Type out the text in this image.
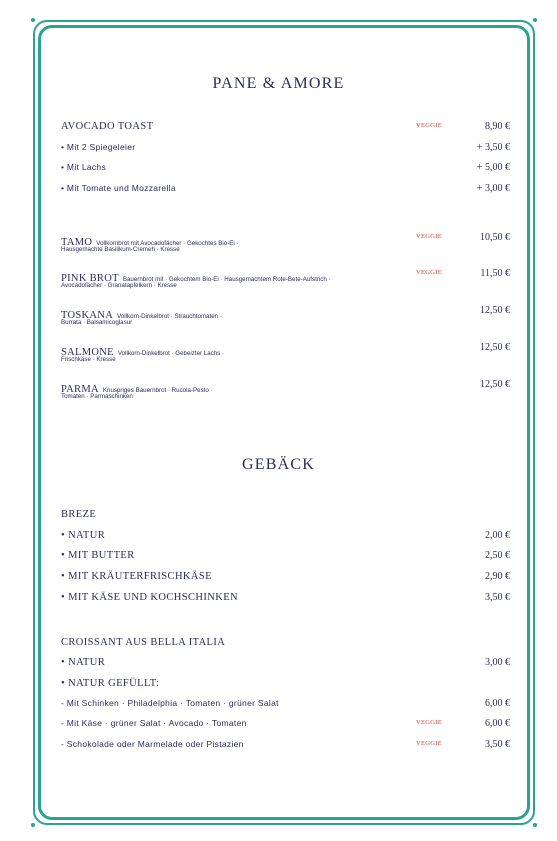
PANE & AMORE
AVOCADO TOAST	VEGGIE	8,90 €
• Mit 2 Spiegeleier	+ 3,50 €
• Mit Lachs	+ 5,00 €
• Mit Tomate und Mozzarella	+ 3,00 €
TAMO Vollkornbrot mit Avocadofächer · Gekochtes Bio-Ei ·
Hausgemachte Basilikum-Cremeh · Kresse
VEGGIE	10,50 €
PINK BROT Bauernbrot mit · Gekochtem Bio-Ei · Hausgemachtem Rote-Bete-Aufstrich ·
Avocadofächer · Granatapfelkern · Kresse
VEGGIE	11,50 €
TOSKANA Vollkorn-Dinkelbrot · Strauchtomaten ·
Burrata · Balsamicoglasur
12,50 €
SALMONE Vollkorn-Dinkelbrot · Gebeizter Lachs ·
Frischkäse · Kresse
12,50 €
PARMA Knuspriges Bauernbrot · Rucola-Pesto ·
Tomaten · Parmaschinken
12,50 €
GEBÄCK
BREZE
• NATUR	2,00 €
• MIT BUTTER	2,50 €
• MIT KRÄUTERFRISCHKÄSE	2,90 €
• MIT KÄSE UND KOCHSCHINKEN	3,50 €
CROISSANT AUS BELLA ITALIA
• NATUR	3,00 €
• NATUR GEFÜLLT:
- Mit Schinken · Philadelphia · Tomaten · grüner Salat	6,00 €
- Mit Käse · grüner Salat · Avocado · Tomaten	VEGGIE	6,00 €
- Schokolade oder Marmelade oder Pistazien	VEGGIE	3,50 €
